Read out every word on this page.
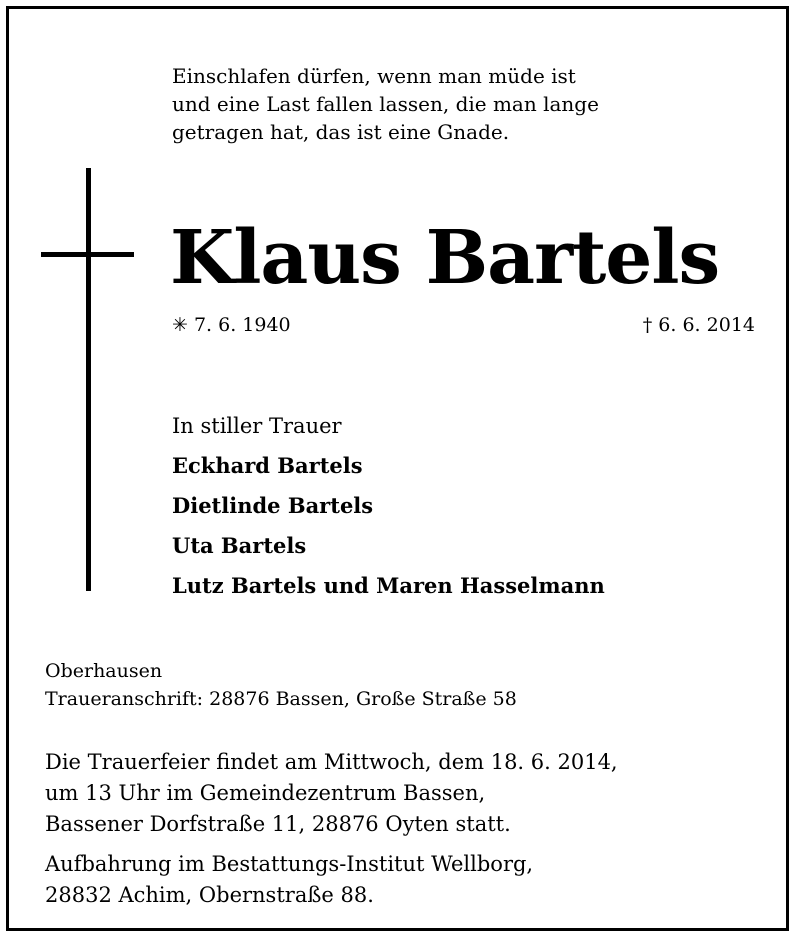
Einschlafen dürfen, wenn man müde ist
und eine Last fallen lassen, die man lange
getragen hat, das ist eine Gnade.
Klaus Bartels
✳ 7. 6. 1940	† 6. 6. 2014
In stiller Trauer
Eckhard Bartels
Dietlinde Bartels
Uta Bartels
Lutz Bartels und Maren Hasselmann
Oberhausen
Traueranschrift: 28876 Bassen, Große Straße 58
Die Trauerfeier findet am Mittwoch, dem 18. 6. 2014,
um 13 Uhr im Gemeindezentrum Bassen,
Bassener Dorfstraße 11, 28876 Oyten statt.
Aufbahrung im Bestattungs-Institut Wellborg,
28832 Achim, Obernstraße 88.
